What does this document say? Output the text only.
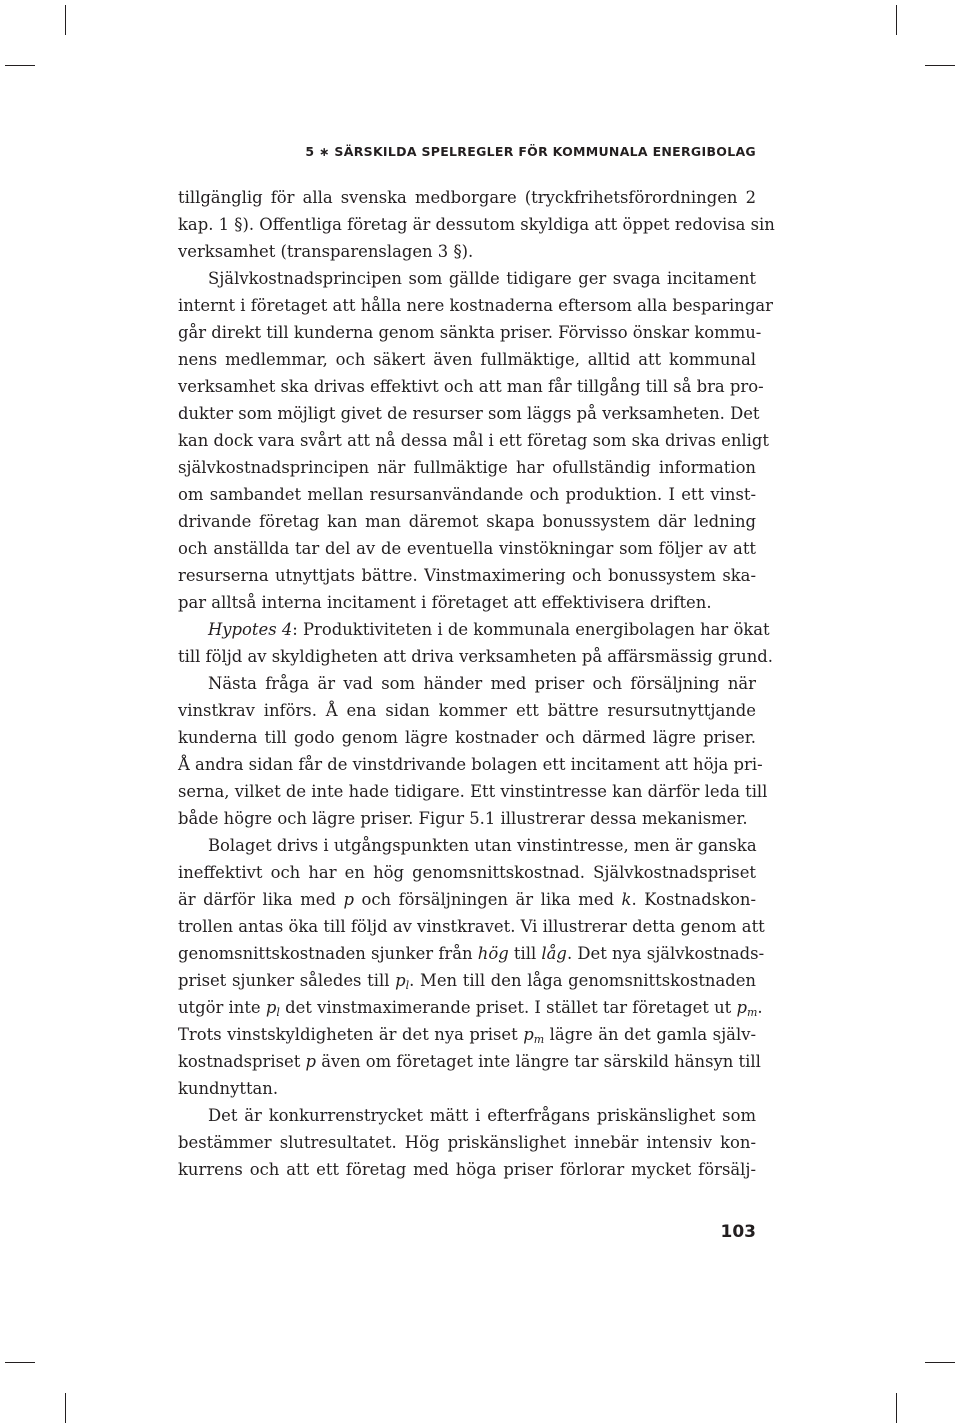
5 ∗ SÄRSKILDA SPELREGLER FÖR KOMMUNALA ENERGIBOLAG
tillgänglig för alla svenska medborgare (tryckfrihetsförordningen 2
kap. 1 §). Offentliga företag är dessutom skyldiga att öppet redovisa sin
verksamhet (transparenslagen 3 §).
Självkostnadsprincipen som gällde tidigare ger svaga incitament
internt i företaget att hålla nere kostnaderna eftersom alla besparingar
går direkt till kunderna genom sänkta priser. Förvisso önskar kommu-
nens medlemmar, och säkert även fullmäktige, alltid att kommunal
verksamhet ska drivas effektivt och att man får tillgång till så bra pro-
dukter som möjligt givet de resurser som läggs på verksamheten. Det
kan dock vara svårt att nå dessa mål i ett företag som ska drivas enligt
självkostnadsprincipen när fullmäktige har ofullständig information
om sambandet mellan resursanvändande och produktion. I ett vinst-
drivande företag kan man däremot skapa bonussystem där ledning
och anställda tar del av de eventuella vinstökningar som följer av att
resurserna utnyttjats bättre. Vinstmaximering och bonussystem ska-
par alltså interna incitament i företaget att effektivisera driften.
Hypotes 4: Produktiviteten i de kommunala energibolagen har ökat
till följd av skyldigheten att driva verksamheten på affärsmässig grund.
Nästa fråga är vad som händer med priser och försäljning när
vinstkrav införs. Å ena sidan kommer ett bättre resursutnyttjande
kunderna till godo genom lägre kostnader och därmed lägre priser.
Å andra sidan får de vinstdrivande bolagen ett incitament att höja pri-
serna, vilket de inte hade tidigare. Ett vinstintresse kan därför leda till
både högre och lägre priser. Figur 5.1 illustrerar dessa mekanismer.
Bolaget drivs i utgångspunkten utan vinstintresse, men är ganska
ineffektivt och har en hög genomsnittskostnad. Självkostnadspriset
är därför lika med p och försäljningen är lika med k. Kostnadskon-
trollen antas öka till följd av vinstkravet. Vi illustrerar detta genom att
genomsnittskostnaden sjunker från hög till låg. Det nya självkostnads-
priset sjunker således till $p_l$. Men till den låga genomsnittskostnaden
utgör inte $p_l$ det vinstmaximerande priset. I stället tar företaget ut $p_m$.
Trots vinstskyldigheten är det nya priset $p_m$ lägre än det gamla själv-
kostnadspriset p även om företaget inte längre tar särskild hänsyn till
kundnyttan.
Det är konkurrenstrycket mätt i efterfrågans priskänslighet som
bestämmer slutresultatet. Hög priskänslighet innebär intensiv kon-
kurrens och att ett företag med höga priser förlorar mycket försälj-
103
